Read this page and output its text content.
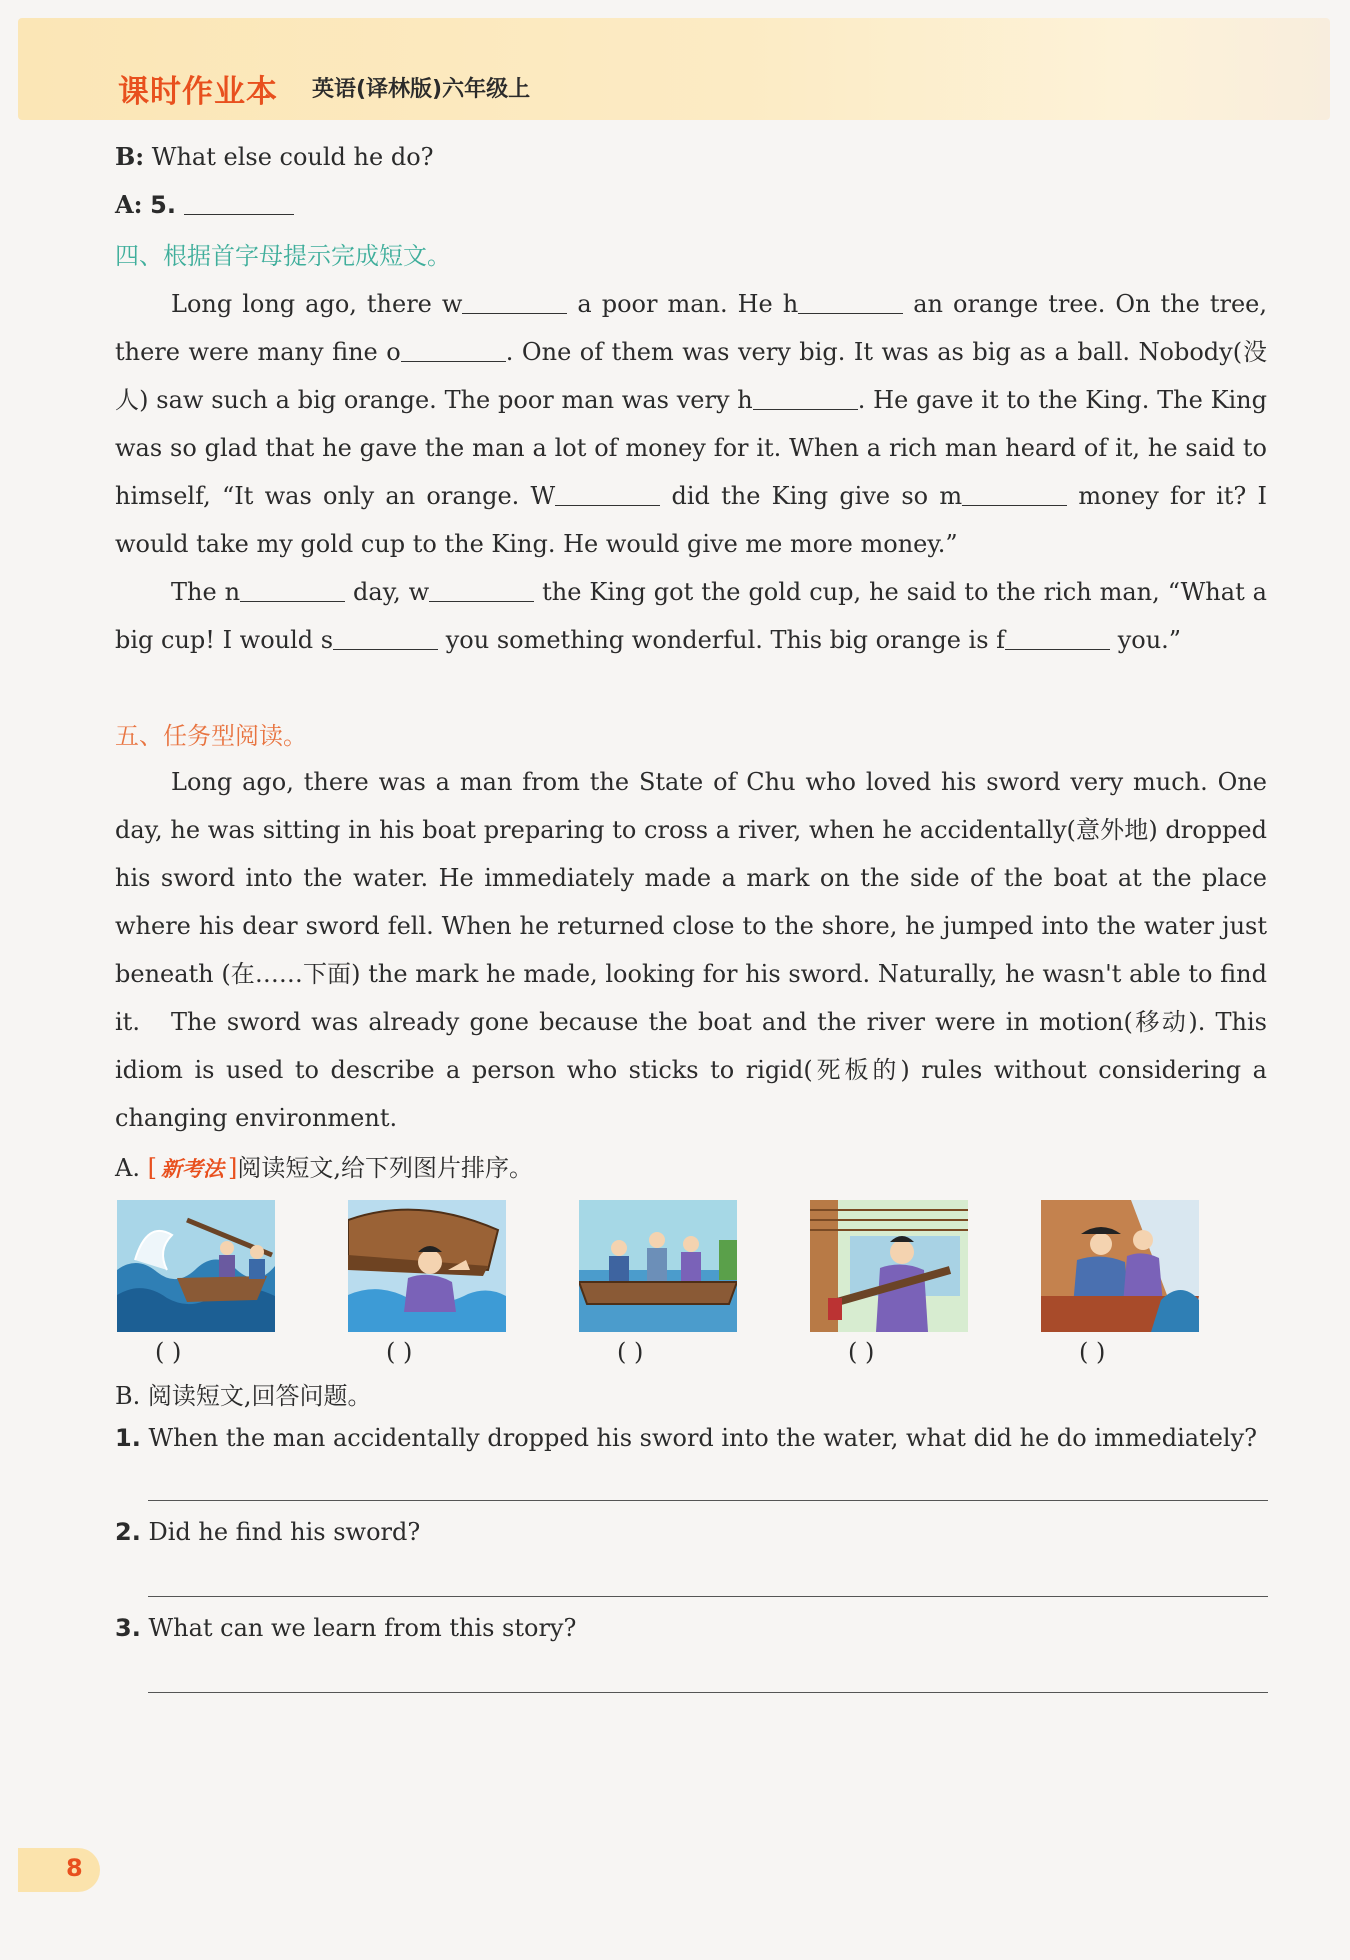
课时作业本 英语(译林版)六年级上
B: What else could he do?
A: 5.
四、根据首字母提示完成短文。
Long long ago, there w	a poor man. He h	an orange tree. On the tree, there were many fine o	. One of them was very big. It was as big as a ball. Nobody(没人) saw such a big orange. The poor man was very h	. He gave it to the King. The King was so glad that he gave the man a lot of money for it. When a rich man heard of it, he said to himself, “It was only an orange. W	did the King give so m	money for it? I would take my gold cup to the King. He would give me more money.”
The n	day, w	the King got the gold cup, he said to the rich man, “What a big cup! I would s	you something wonderful. This big orange is f	you.”
五、任务型阅读。
Long ago, there was a man from the State of Chu who loved his sword very much. One day, he was sitting in his boat preparing to cross a river, when he accidentally(意外地) dropped his sword into the water. He immediately made a mark on the side of the boat at the place where his dear sword fell. When he returned close to the shore, he jumped into the water just beneath (在……下面) the mark he made, looking for his sword. Naturally, he wasn't able to find it.	The sword was already gone because the boat and the river were in motion(移动). This idiom is used to describe a person who sticks to rigid(死板的) rules without considering a changing environment.
A. [ 新考法 ]阅读短文,给下列图片排序。
( )	( )	( )	( )	( )
B. 阅读短文,回答问题。
1. When the man accidentally dropped his sword into the water, what did he do immediately?
2. Did he find his sword?
3. What can we learn from this story?
8
